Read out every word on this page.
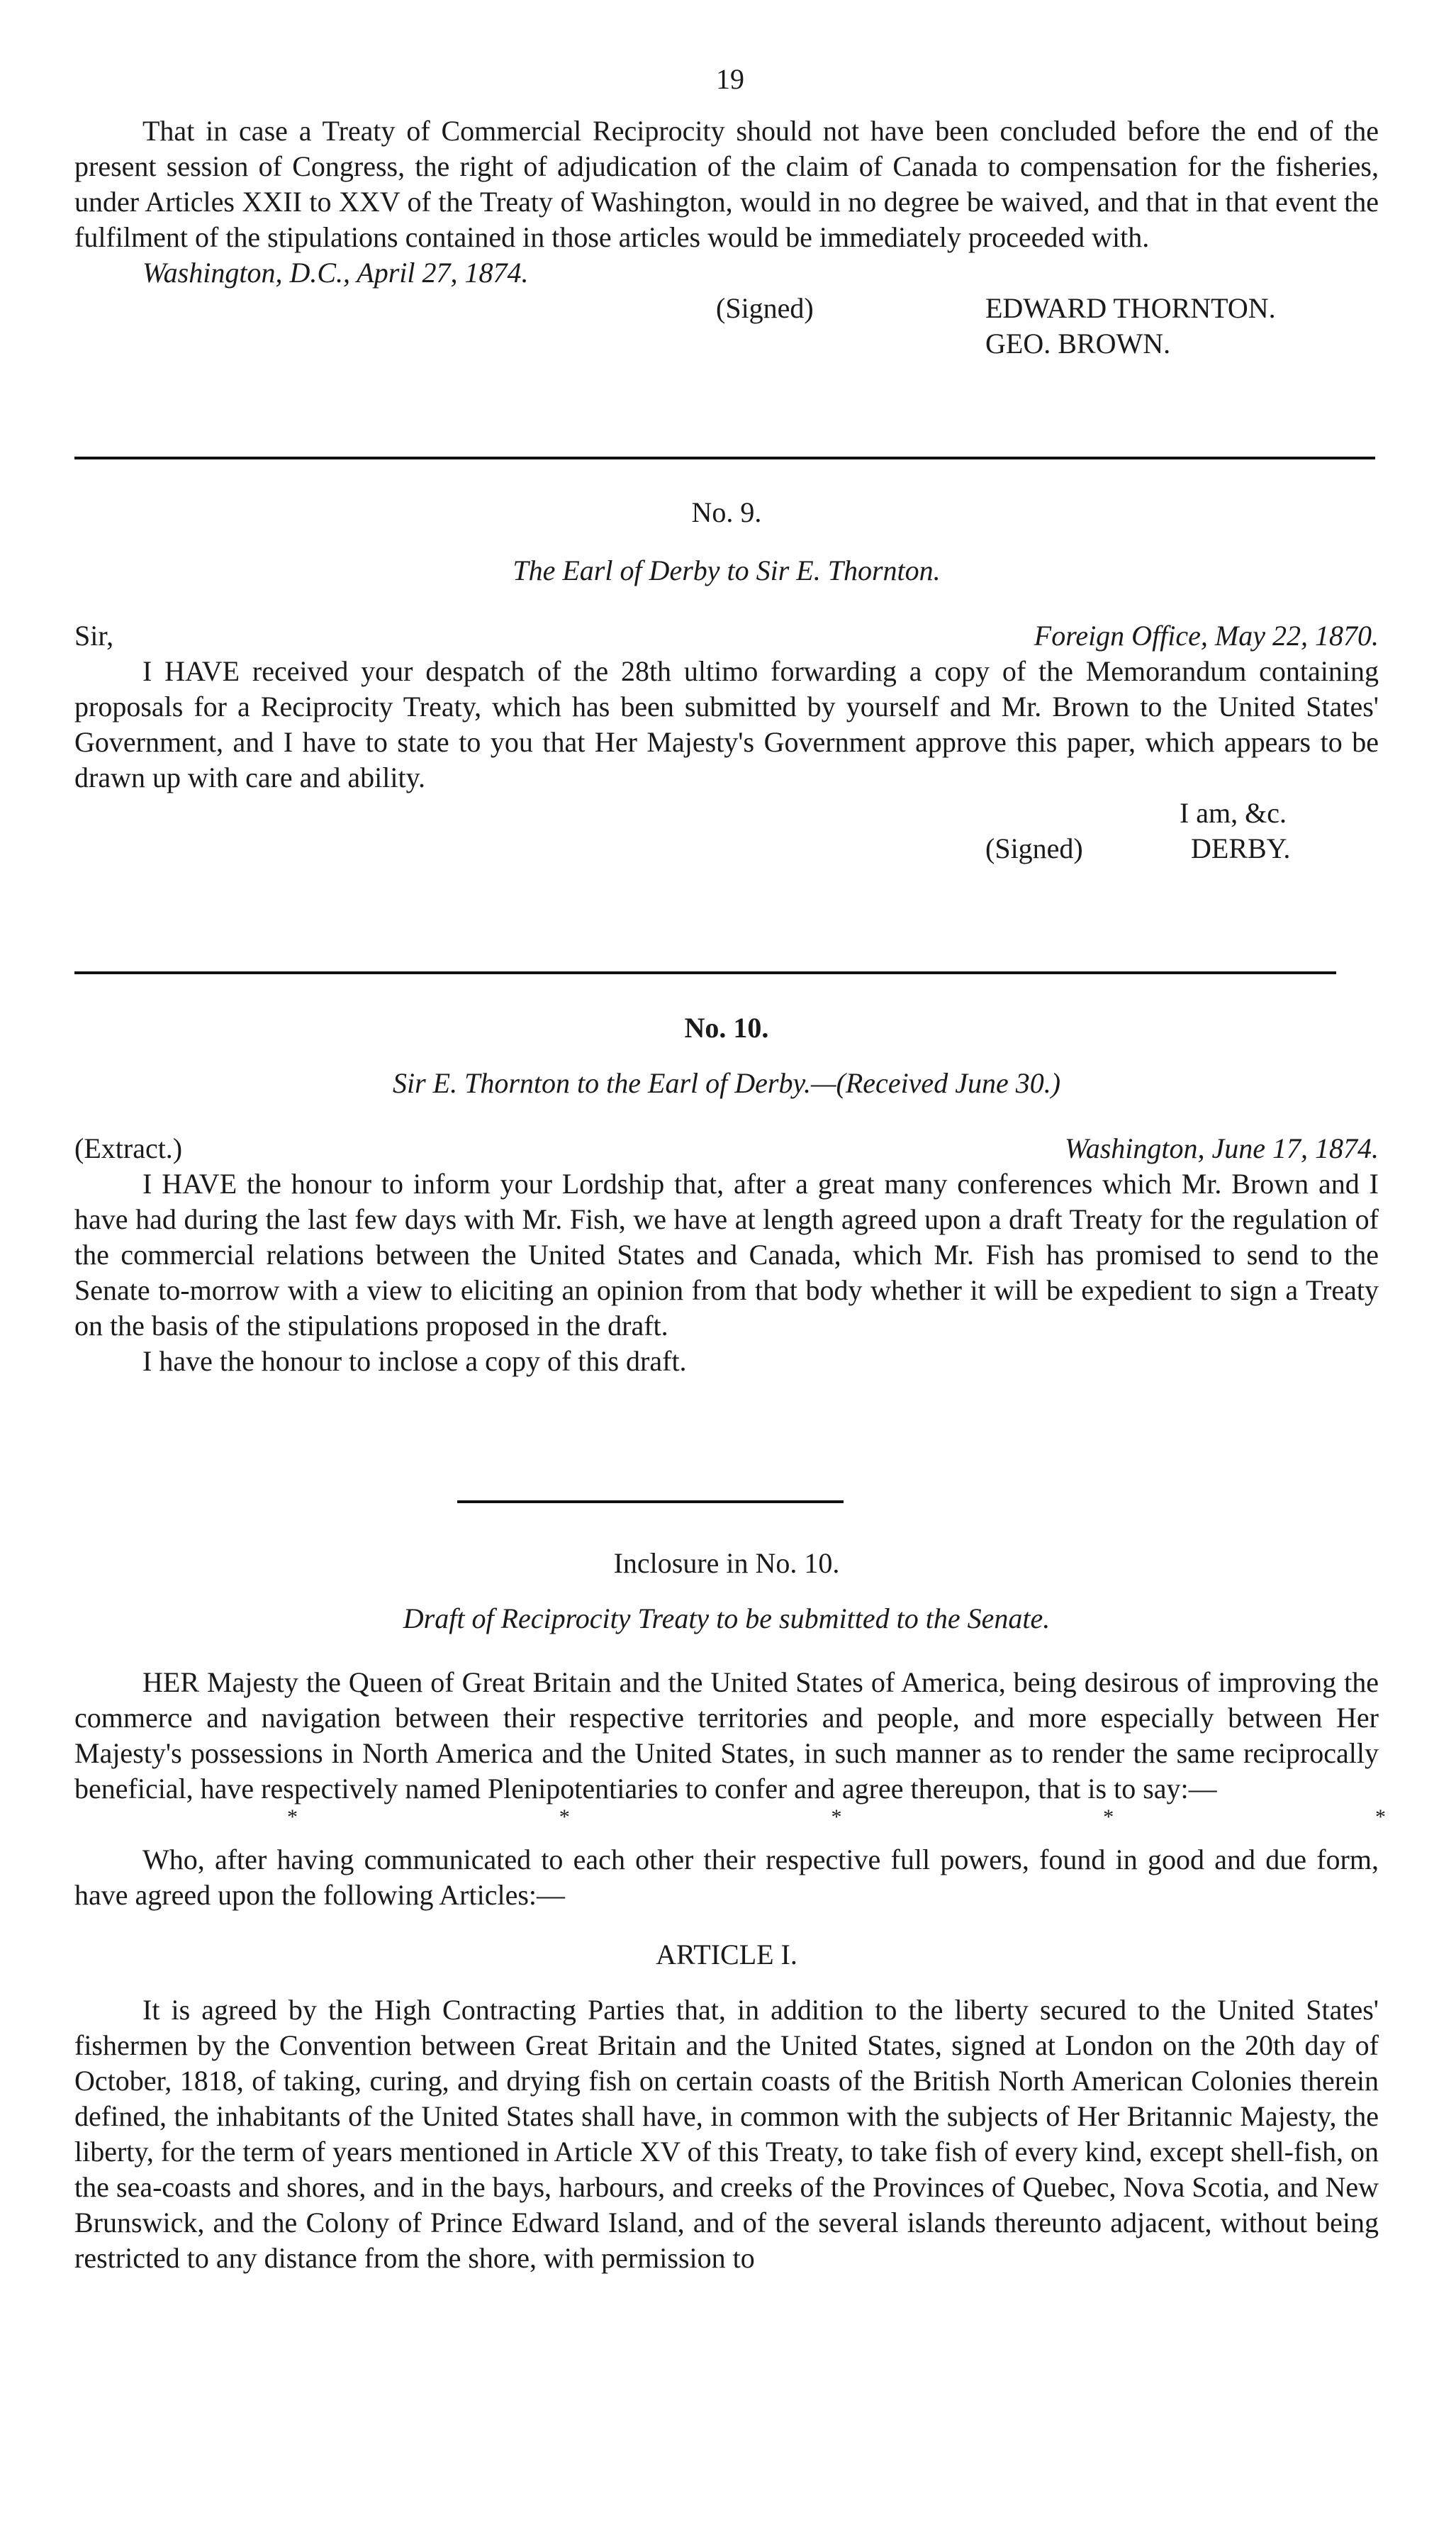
19

That in case a Treaty of Commercial Reciprocity should not have been concluded before the end of the present session of Congress, the right of adjudication of the claim of Canada to compensation for the fisheries, under Articles XXII to XXV of the Treaty of Washington, would in no degree be waived, and that in that event the fulfilment of the stipulations contained in those articles would be immediately proceeded with.

Washington, D.C., April 27, 1874.
(Signed)	EDWARD THORNTON.
GEO. BROWN.
No. 9.
The Earl of Derby to Sir E. Thornton.
Sir,	Foreign Office, May 22, 1870.

I HAVE received your despatch of the 28th ultimo forwarding a copy of the Memorandum containing proposals for a Reciprocity Treaty, which has been submitted by yourself and Mr. Brown to the United States' Government, and I have to state to you that Her Majesty's Government approve this paper, which appears to be drawn up with care and ability.

I am, &c.
(Signed)	DERBY.
No. 10.
Sir E. Thornton to the Earl of Derby.—(Received June 30.)
(Extract.)	Washington, June 17, 1874.

I HAVE the honour to inform your Lordship that, after a great many conferences which Mr. Brown and I have had during the last few days with Mr. Fish, we have at length agreed upon a draft Treaty for the regulation of the commercial relations between the United States and Canada, which Mr. Fish has promised to send to the Senate to-morrow with a view to eliciting an opinion from that body whether it will be expedient to sign a Treaty on the basis of the stipulations proposed in the draft.

I have the honour to inclose a copy of this draft.

Inclosure in No. 10.
Draft of Reciprocity Treaty to be submitted to the Senate.

HER Majesty the Queen of Great Britain and the United States of America, being desirous of improving the commerce and navigation between their respective territories and people, and more especially between Her Majesty's possessions in North America and the United States, in such manner as to render the same reciprocally beneficial, have respectively named Plenipotentiaries to confer and agree thereupon, that is to say:—

*	*	*	*	*

Who, after having communicated to each other their respective full powers, found in good and due form, have agreed upon the following Articles:—

ARTICLE I.

It is agreed by the High Contracting Parties that, in addition to the liberty secured to the United States' fishermen by the Convention between Great Britain and the United States, signed at London on the 20th day of October, 1818, of taking, curing, and drying fish on certain coasts of the British North American Colonies therein defined, the inhabitants of the United States shall have, in common with the subjects of Her Britannic Majesty, the liberty, for the term of years mentioned in Article XV of this Treaty, to take fish of every kind, except shell-fish, on the sea-coasts and shores, and in the bays, harbours, and creeks of the Provinces of Quebec, Nova Scotia, and New Brunswick, and the Colony of Prince Edward Island, and of the several islands thereunto adjacent, without being restricted to any distance from the shore, with permission to
